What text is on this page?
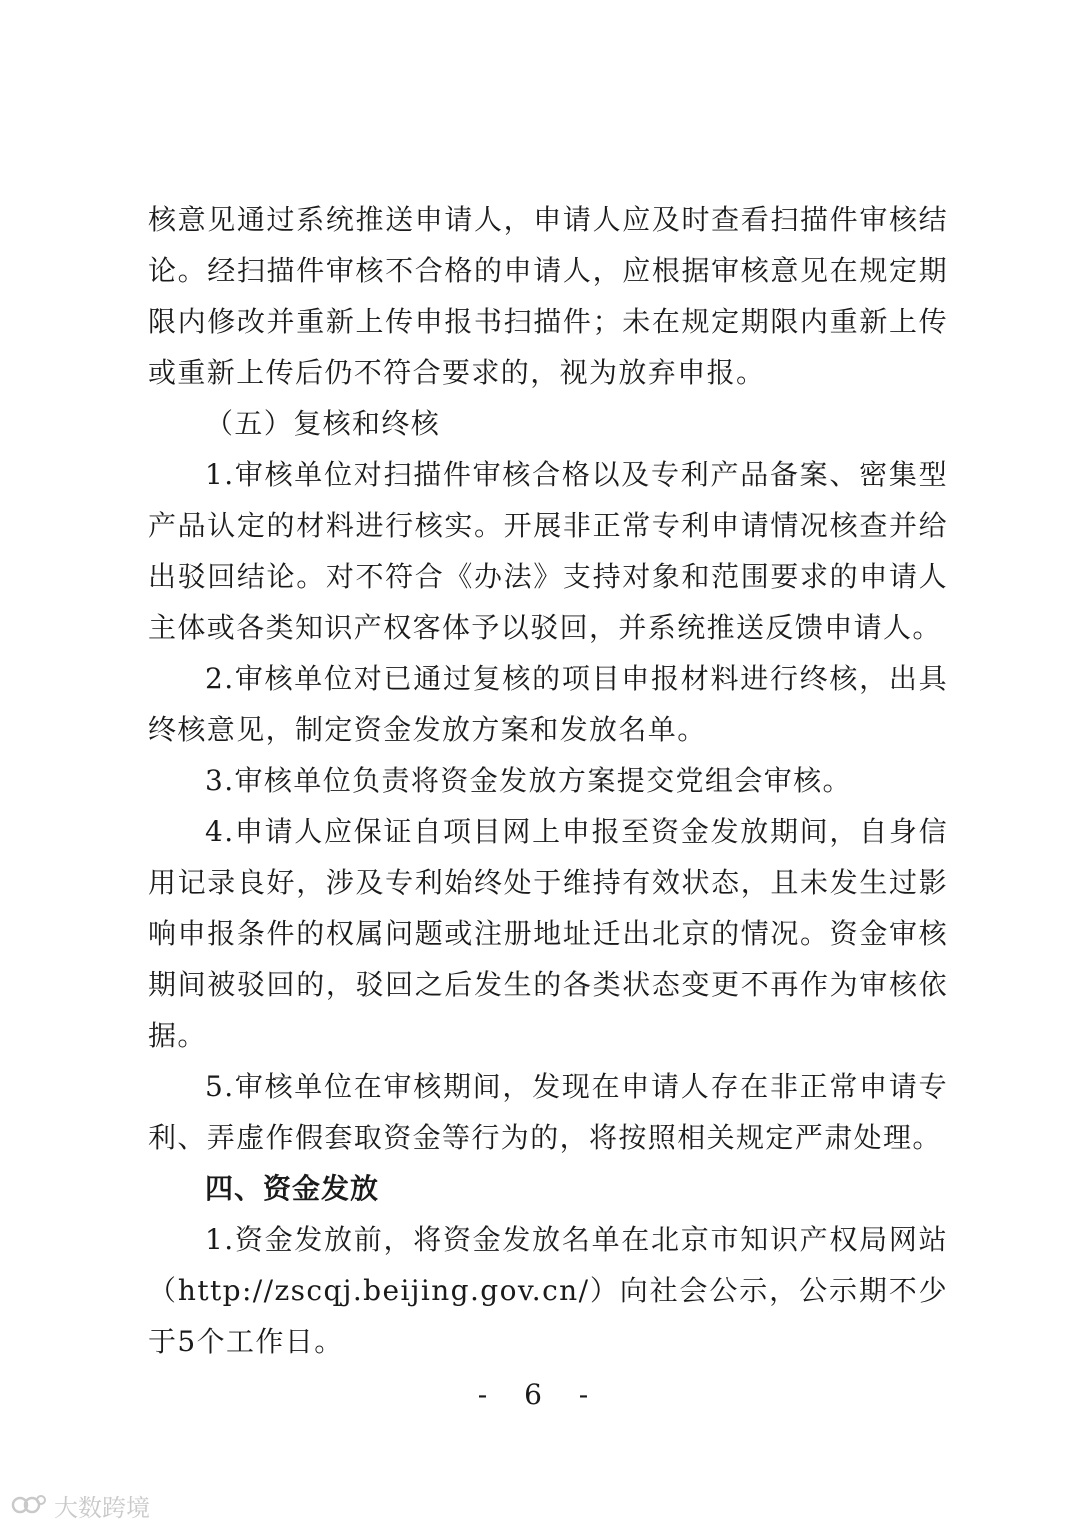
核意见通过系统推送申请人，申请人应及时查看扫描件审核结论。经扫描件审核不合格的申请人，应根据审核意见在规定期限内修改并重新上传申报书扫描件；未在规定期限内重新上传或重新上传后仍不符合要求的，视为放弃申报。

（五）复核和终核

1.审核单位对扫描件审核合格以及专利产品备案、密集型产品认定的材料进行核实。开展非正常专利申请情况核查并给出驳回结论。对不符合《办法》支持对象和范围要求的申请人主体或各类知识产权客体予以驳回，并系统推送反馈申请人。

2.审核单位对已通过复核的项目申报材料进行终核，出具终核意见，制定资金发放方案和发放名单。

3.审核单位负责将资金发放方案提交党组会审核。

4.申请人应保证自项目网上申报至资金发放期间，自身信用记录良好，涉及专利始终处于维持有效状态，且未发生过影响申报条件的权属问题或注册地址迁出北京的情况。资金审核期间被驳回的，驳回之后发生的各类状态变更不再作为审核依据。

5.审核单位在审核期间，发现在申请人存在非正常申请专利、弄虚作假套取资金等行为的，将按照相关规定严肃处理。

四、资金发放

1.资金发放前，将资金发放名单在北京市知识产权局网站（http://zscqj.beijing.gov.cn/）向社会公示，公示期不少于5个工作日。

- 6 -
大数跨境
